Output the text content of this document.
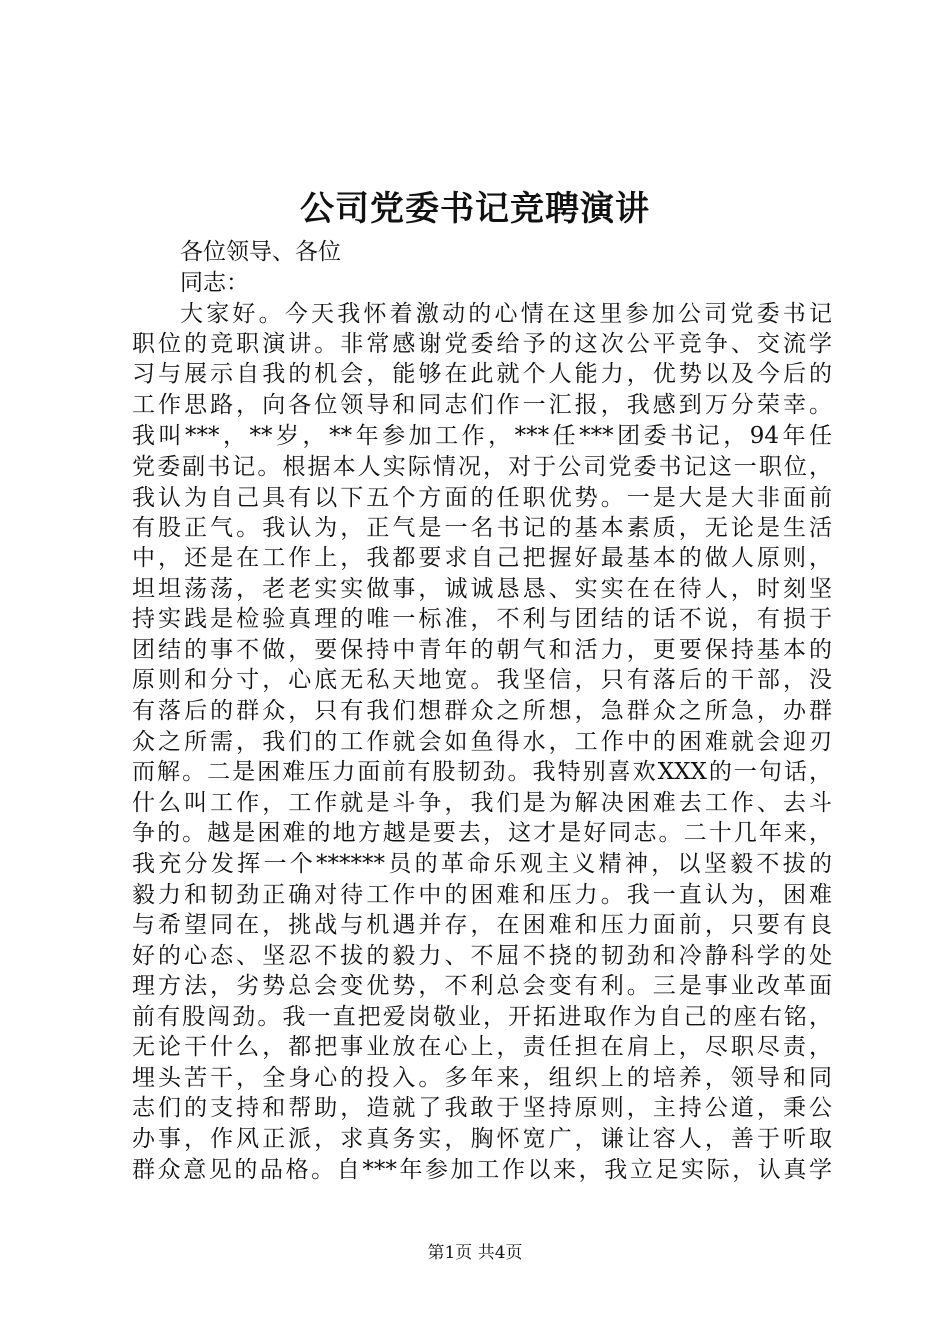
公司党委书记竞聘演讲
各位领导、各位
同志：
大家好。今天我怀着激动的心情在这里参加公司党委书记
职位的竞职演讲。非常感谢党委给予的这次公平竞争、交流学
习与展示自我的机会，能够在此就个人能力，优势以及今后的
工作思路，向各位领导和同志们作一汇报，我感到万分荣幸。
我叫***，**岁，**年参加工作，***任***团委书记，94年任
党委副书记。根据本人实际情况，对于公司党委书记这一职位，
我认为自己具有以下五个方面的任职优势。一是大是大非面前
有股正气。我认为，正气是一名书记的基本素质，无论是生活
中，还是在工作上，我都要求自己把握好最基本的做人原则，
坦坦荡荡，老老实实做事，诚诚恳恳、实实在在待人，时刻坚
持实践是检验真理的唯一标准，不利与团结的话不说，有损于
团结的事不做，要保持中青年的朝气和活力，更要保持基本的
原则和分寸，心底无私天地宽。我坚信，只有落后的干部，没
有落后的群众，只有我们想群众之所想，急群众之所急，办群
众之所需，我们的工作就会如鱼得水，工作中的困难就会迎刃
而解。二是困难压力面前有股韧劲。我特别喜欢XXX的一句话，
什么叫工作，工作就是斗争，我们是为解决困难去工作、去斗
争的。越是困难的地方越是要去，这才是好同志。二十几年来，
我充分发挥一个******员的革命乐观主义精神，以坚毅不拔的
毅力和韧劲正确对待工作中的困难和压力。我一直认为，困难
与希望同在，挑战与机遇并存，在困难和压力面前，只要有良
好的心态、坚忍不拔的毅力、不屈不挠的韧劲和冷静科学的处
理方法，劣势总会变优势，不利总会变有利。三是事业改革面
前有股闯劲。我一直把爱岗敬业，开拓进取作为自己的座右铭，
无论干什么，都把事业放在心上，责任担在肩上，尽职尽责，
埋头苦干，全身心的投入。多年来，组织上的培养，领导和同
志们的支持和帮助，造就了我敢于坚持原则，主持公道，秉公
办事，作风正派，求真务实，胸怀宽广，谦让容人，善于听取
群众意见的品格。自***年参加工作以来，我立足实际，认真学
第1页 共4页
